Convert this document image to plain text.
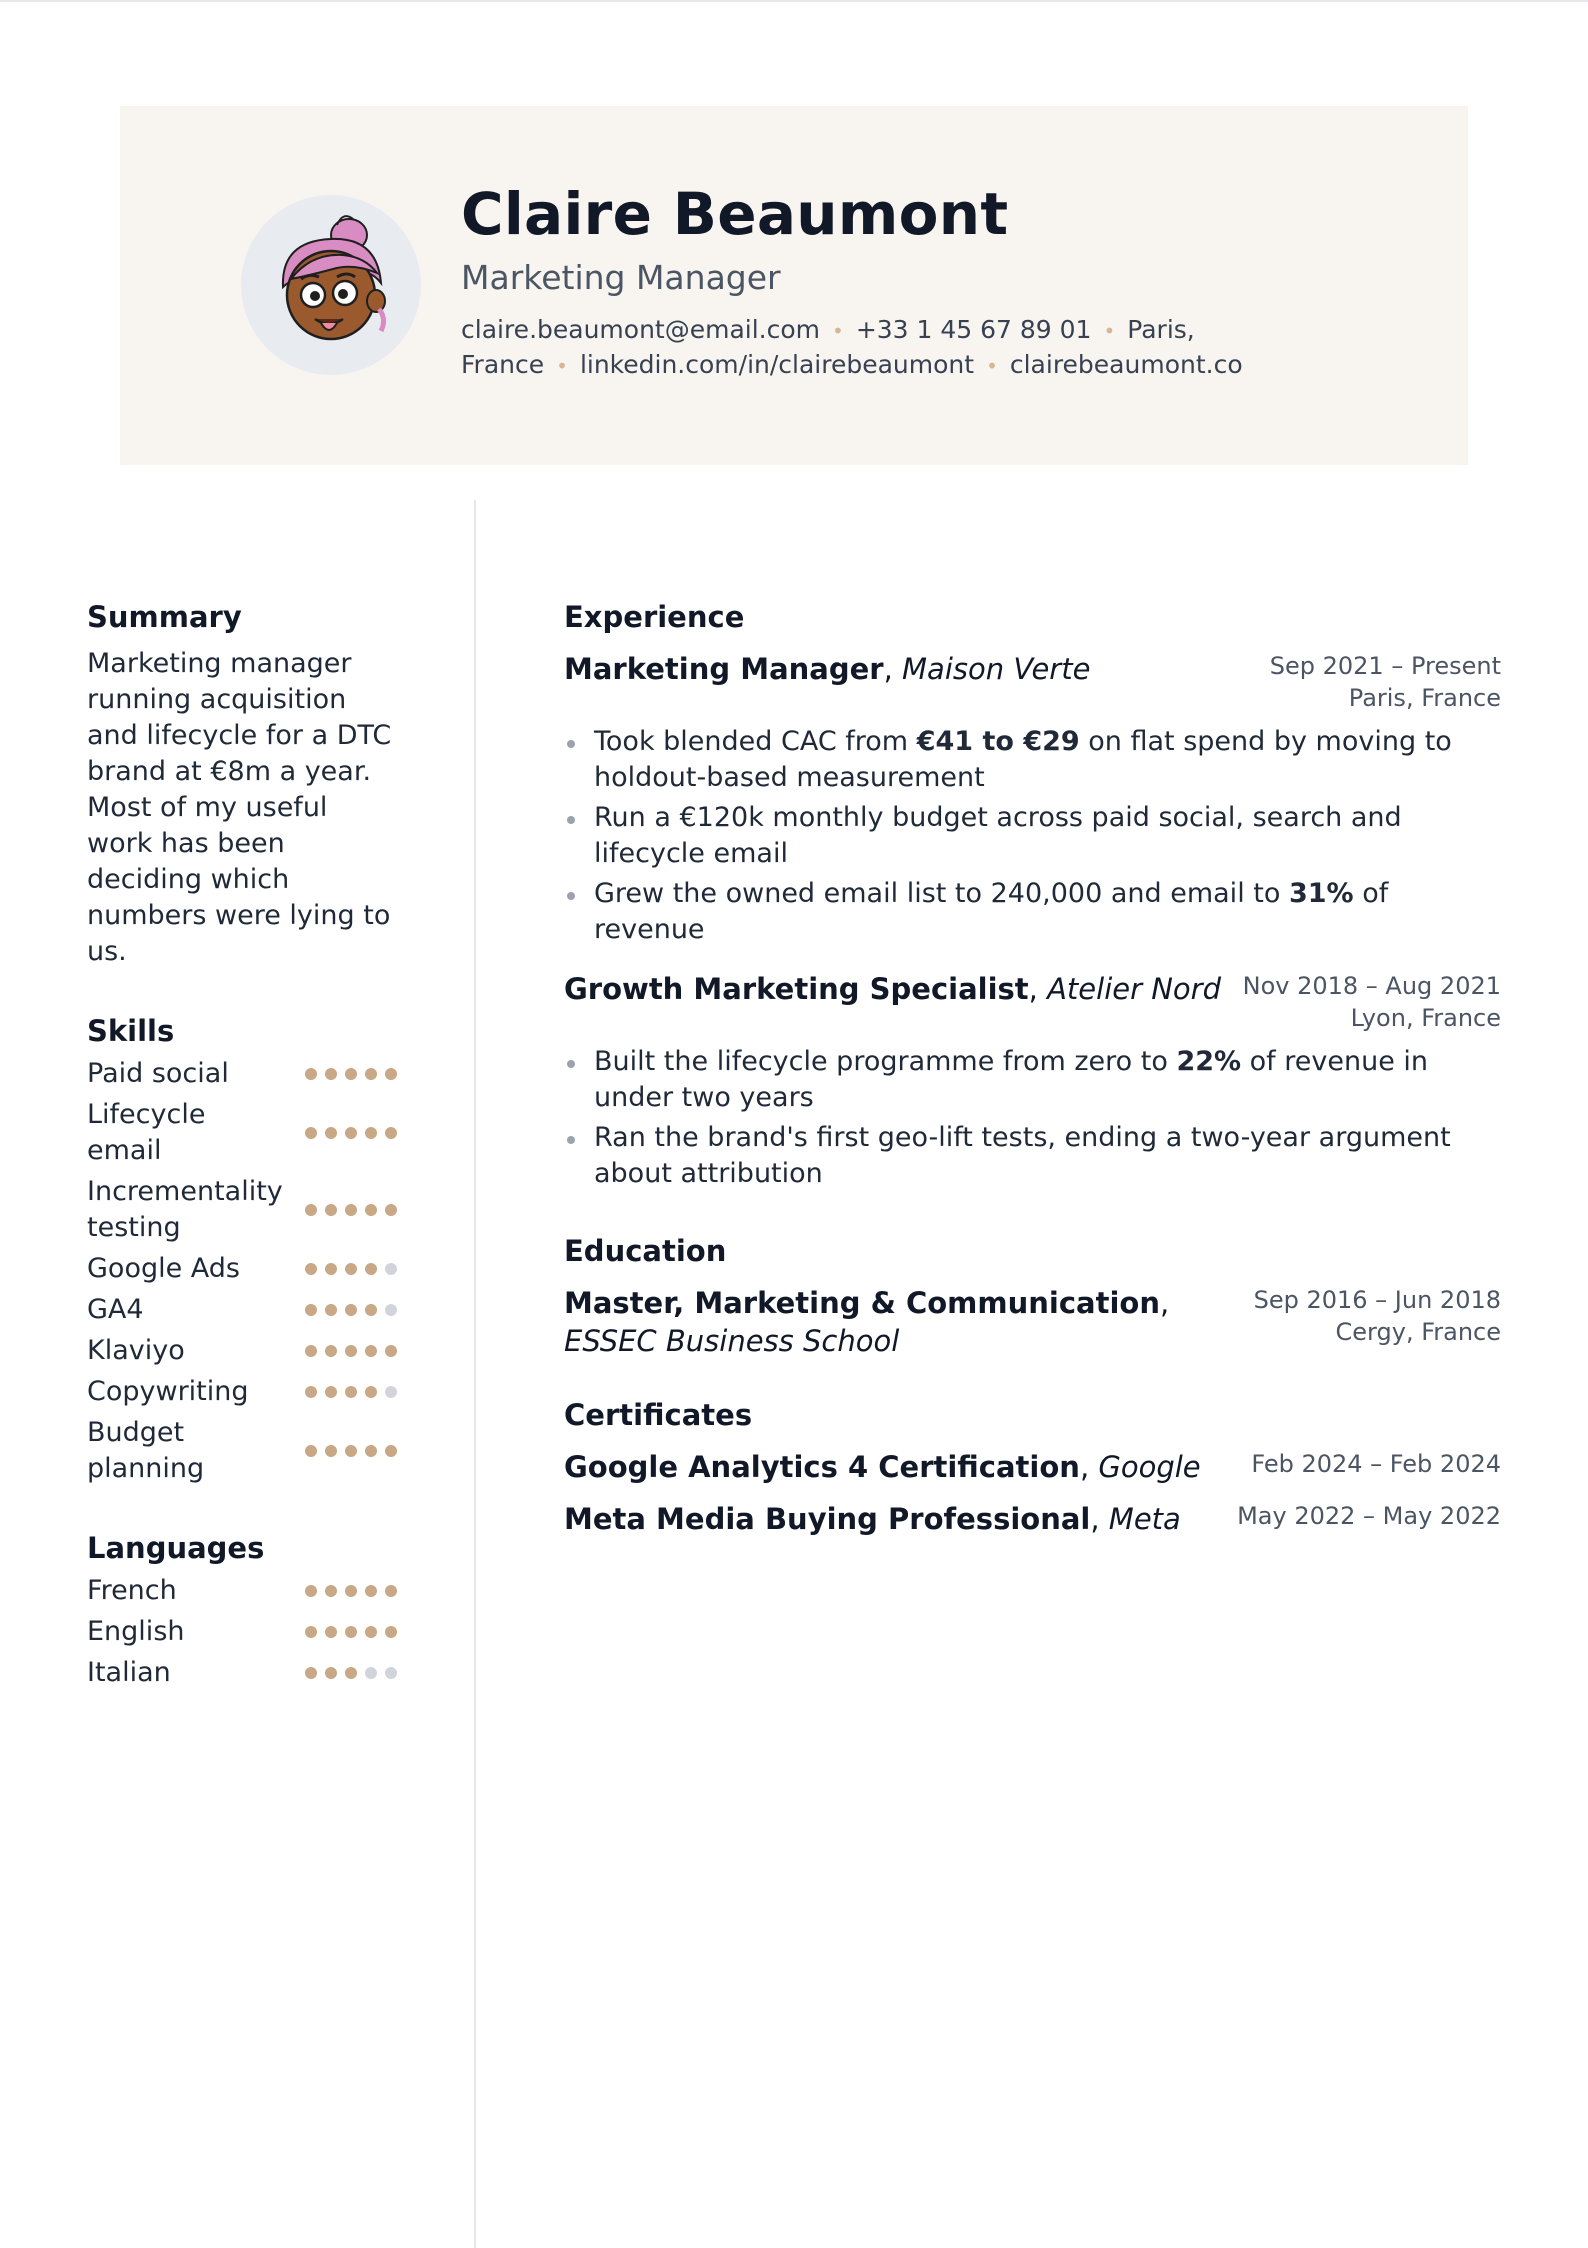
Claire Beaumont
Marketing Manager
claire.beaumont@email.com • +33 1 45 67 89 01 • Paris, France • linkedin.com/in/clairebeaumont • clairebeaumont.co
Summary
Marketing manager running acquisition and lifecycle for a DTC brand at €8m a year. Most of my useful work has been deciding which numbers were lying to us.
Skills
Paid social
Lifecycle email
Incrementality testing
Google Ads
GA4
Klaviyo
Copywriting
Budget planning
Languages
French
English
Italian
Experience
Marketing Manager, Maison Verte	Sep 2021 – Present
Paris, France
Took blended CAC from €41 to €29 on flat spend by moving to holdout-based measurement
Run a €120k monthly budget across paid social, search and lifecycle email
Grew the owned email list to 240,000 and email to 31% of revenue
Growth Marketing Specialist, Atelier Nord Nov 2018 – Aug 2021
Lyon, France
Built the lifecycle programme from zero to 22% of revenue in under two years
Ran the brand's first geo-lift tests, ending a two-year argument about attribution
Education
Master, Marketing & Communication,
ESSEC Business School
Sep 2016 – Jun 2018
Cergy, France
Certificates
Google Analytics 4 Certification, Google Feb 2024 – Feb 2024
Meta Media Buying Professional, Meta May 2022 – May 2022
